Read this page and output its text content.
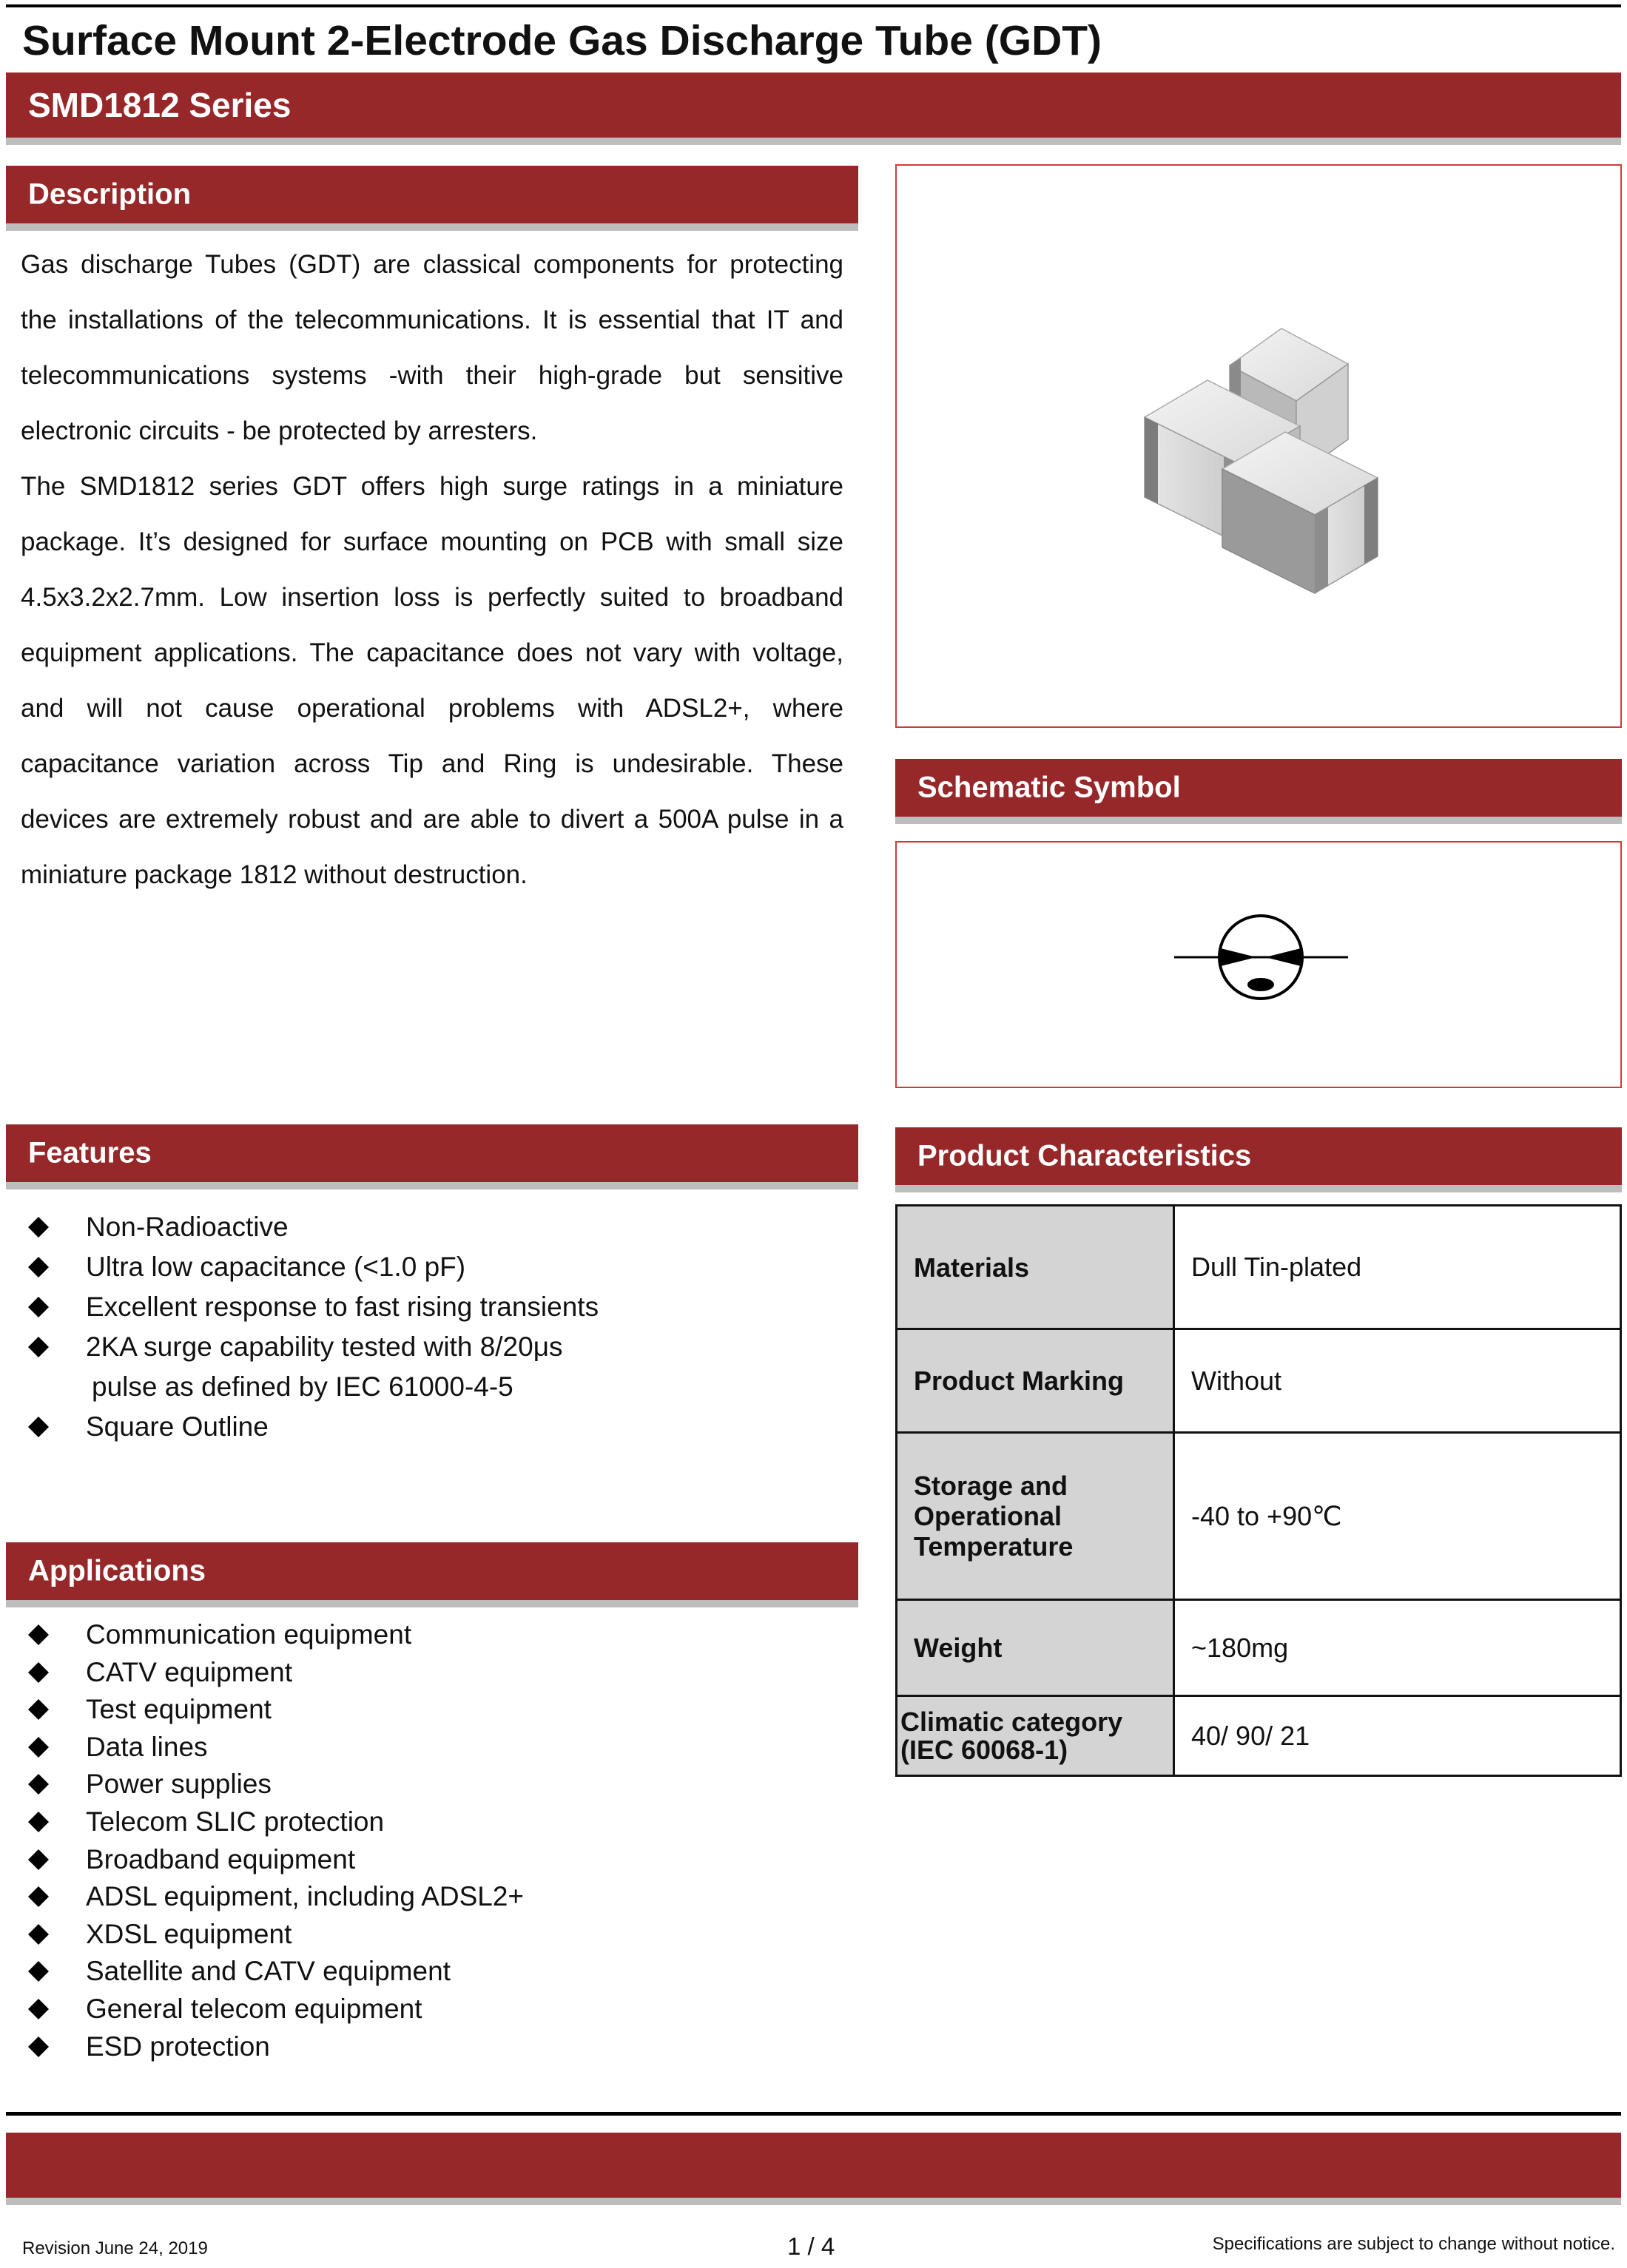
Surface Mount 2-Electrode Gas Discharge Tube (GDT)
SMD1812 Series
Description

Gas discharge Tubes (GDT) are classical components for protecting the installations of the telecommunications. It is essential that IT and telecommunications systems -with their high-grade but sensitive electronic circuits - be protected by arresters.

The SMD1812 series GDT offers high surge ratings in a miniature package. It’s designed for surface mounting on PCB with small size 4.5x3.2x2.7mm. Low insertion loss is perfectly suited to broadband equipment applications. The capacitance does not vary with voltage, and will not cause operational problems with ADSL2+, where capacitance variation across Tip and Ring is undesirable. These devices are extremely robust and are able to divert a 500A pulse in a miniature package 1812 without destruction.

Schematic Symbol
Features
Non-Radioactive
Ultra low capacitance (<1.0 pF)
Excellent response to fast rising transients
2KA surge capability tested with 8/20μs
pulse as defined by IEC 61000-4-5
Square Outline
Applications
Communication equipment
CATV equipment
Test equipment
Data lines
Power supplies
Telecom SLIC protection
Broadband equipment
ADSL equipment, including ADSL2+
XDSL equipment
Satellite and CATV equipment
General telecom equipment
ESD protection
Product Characteristics
Materials	Dull Tin-plated
Product Marking	Without
Storage and Operational Temperature	-40 to +90℃
Weight	~180mg
Climatic category (IEC 60068-1)	40/ 90/ 21
Revision June 24, 2019	1 / 4	Specifications are subject to change without notice.
